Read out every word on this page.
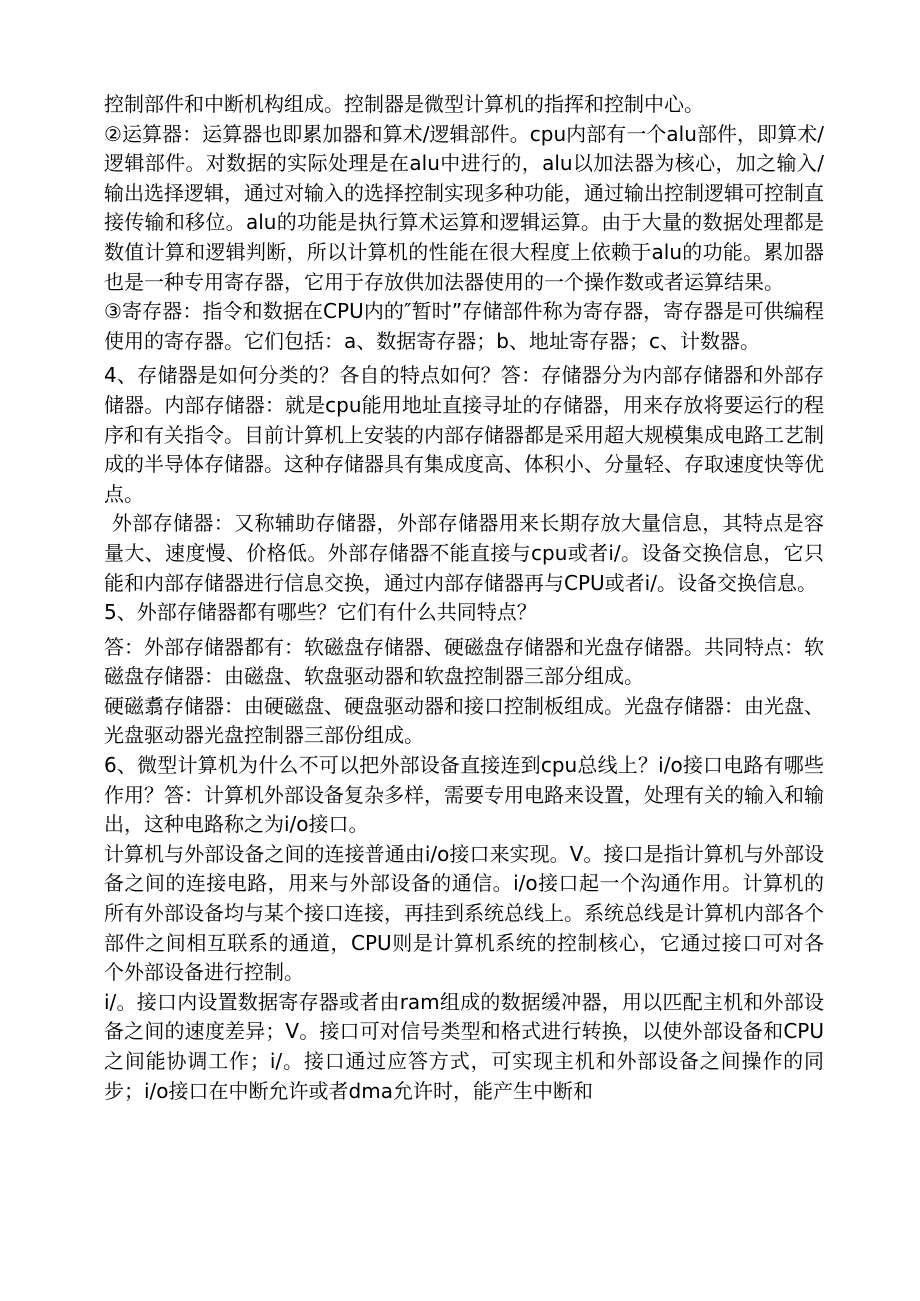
控制部件和中断机构组成。控制器是微型计算机的指挥和控制中心。

②运算器：运算器也即累加器和算术/逻辑部件。cpu内部有一个alu部件，即算术/逻辑部件。对数据的实际处理是在alu中进行的，alu以加法器为核心，加之输入/输出选择逻辑，通过对输入的选择控制实现多种功能，通过输出控制逻辑可控制直接传输和移位。alu的功能是执行算术运算和逻辑运算。由于大量的数据处理都是数值计算和逻辑判断，所以计算机的性能在很大程度上依赖于alu的功能。累加器也是一种专用寄存器，它用于存放供加法器使用的一个操作数或者运算结果。

③寄存器：指令和数据在CPU内的″暂时”存储部件称为寄存器，寄存器是可供编程使用的寄存器。它们包括：a、数据寄存器；b、地址寄存器；c、计数器。

4、存储器是如何分类的？各自的特点如何？答：存储器分为内部存储器和外部存储器。内部存储器：就是cpu能用地址直接寻址的存储器，用来存放将要运行的程序和有关指令。目前计算机上安装的内部存储器都是采用超大规模集成电路工艺制成的半导体存储器。这种存储器具有集成度高、体积小、分量轻、存取速度快等优点。

外部存储器：又称辅助存储器，外部存储器用来长期存放大量信息，其特点是容量大、速度慢、价格低。外部存储器不能直接与cpu或者i/。设备交换信息，它只能和内部存储器进行信息交换，通过内部存储器再与CPU或者i/。设备交换信息。

5、外部存储器都有哪些？它们有什么共同特点？

答：外部存储器都有：软磁盘存储器、硬磁盘存储器和光盘存储器。共同特点：软磁盘存储器：由磁盘、软盘驱动器和软盘控制器三部分组成。

硬磁翥存储器：由硬磁盘、硬盘驱动器和接口控制板组成。光盘存储器：由光盘、光盘驱动器光盘控制器三部份组成。

6、微型计算机为什么不可以把外部设备直接连到cpu总线上？i/o接口电路有哪些作用？答：计算机外部设备复杂多样，需要专用电路来设置，处理有关的输入和输出，这种电路称之为i/o接口。

计算机与外部设备之间的连接普通由i/o接口来实现。V。接口是指计算机与外部设备之间的连接电路，用来与外部设备的通信。i/o接口起一个沟通作用。计算机的所有外部设备均与某个接口连接，再挂到系统总线上。系统总线是计算机内部各个部件之间相互联系的通道，CPU则是计算机系统的控制核心，它通过接口可对各个外部设备进行控制。

i/。接口内设置数据寄存器或者由ram组成的数据缓冲器，用以匹配主机和外部设备之间的速度差异；V。接口可对信号类型和格式进行转换，以使外部设备和CPU之间能协调工作；i/。接口通过应答方式，可实现主机和外部设备之间操作的同步；i/o接口在中断允许或者dma允许时，能产生中断和
